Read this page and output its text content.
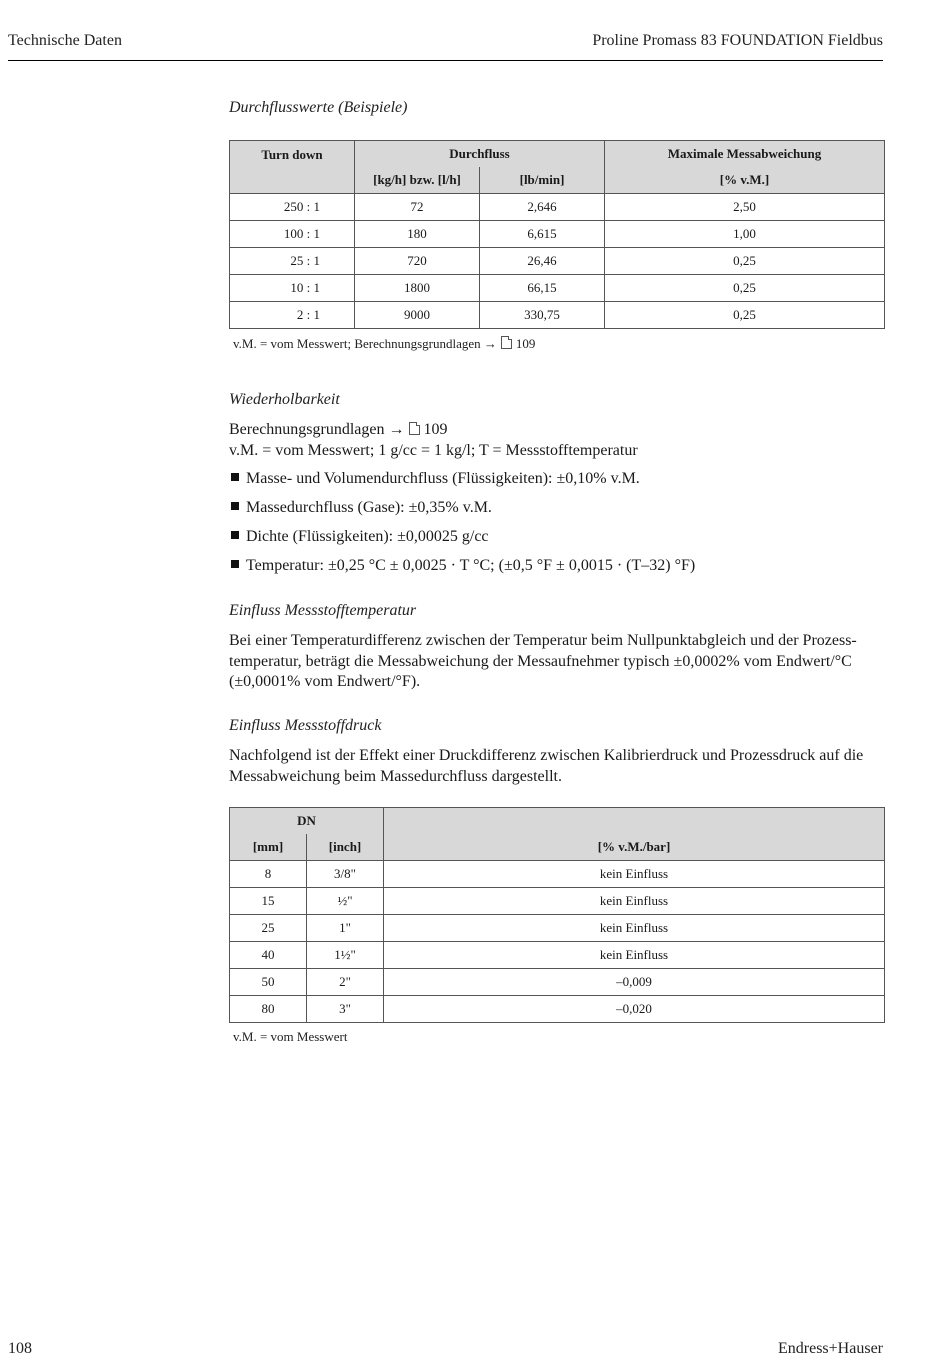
Technische Daten	Proline Promass 83 FOUNDATION Fieldbus
Durchflusswerte (Beispiele)
Turn down	Durchfluss		Maximale Messabweichung
	[kg/h] bzw. [l/h]	[lb/min]	[% v.M.]
250 : 1	72	2,646	2,50
100 : 1	180	6,615	1,00
25 : 1	720	26,46	0,25
10 : 1	1800	66,15	0,25
2 : 1	9000	330,75	0,25
v.M. = vom Messwert; Berechnungsgrundlagen → 109
Wiederholbarkeit
Berechnungsgrundlagen → 109
v.M. = vom Messwert; 1 g/cc = 1 kg/l; T = Messstofftemperatur
Masse- und Volumendurchfluss (Flüssigkeiten): ±0,10% v.M.
Massedurchfluss (Gase): ±0,35% v.M.
Dichte (Flüssigkeiten): ±0,00025 g/cc
Temperatur: ±0,25 °C ± 0,0025 · T °C; (±0,5 °F ± 0,0015 · (T–32) °F)
Einfluss Messstofftemperatur
Bei einer Temperaturdifferenz zwischen der Temperatur beim Nullpunktabgleich und der Prozess-
temperatur, beträgt die Messabweichung der Messaufnehmer typisch ±0,0002% vom Endwert/°C
(±0,0001% vom Endwert/°F).
Einfluss Messstoffdruck
Nachfolgend ist der Effekt einer Druckdifferenz zwischen Kalibrierdruck und Prozessdruck auf die
Messabweichung beim Massedurchfluss dargestellt.
DN		
[mm]	[inch]	[% v.M./bar]
8	3/8"	kein Einfluss
15	½"	kein Einfluss
25	1"	kein Einfluss
40	1½"	kein Einfluss
50	2"	–0,009
80	3"	–0,020
v.M. = vom Messwert
108	Endress+Hauser
